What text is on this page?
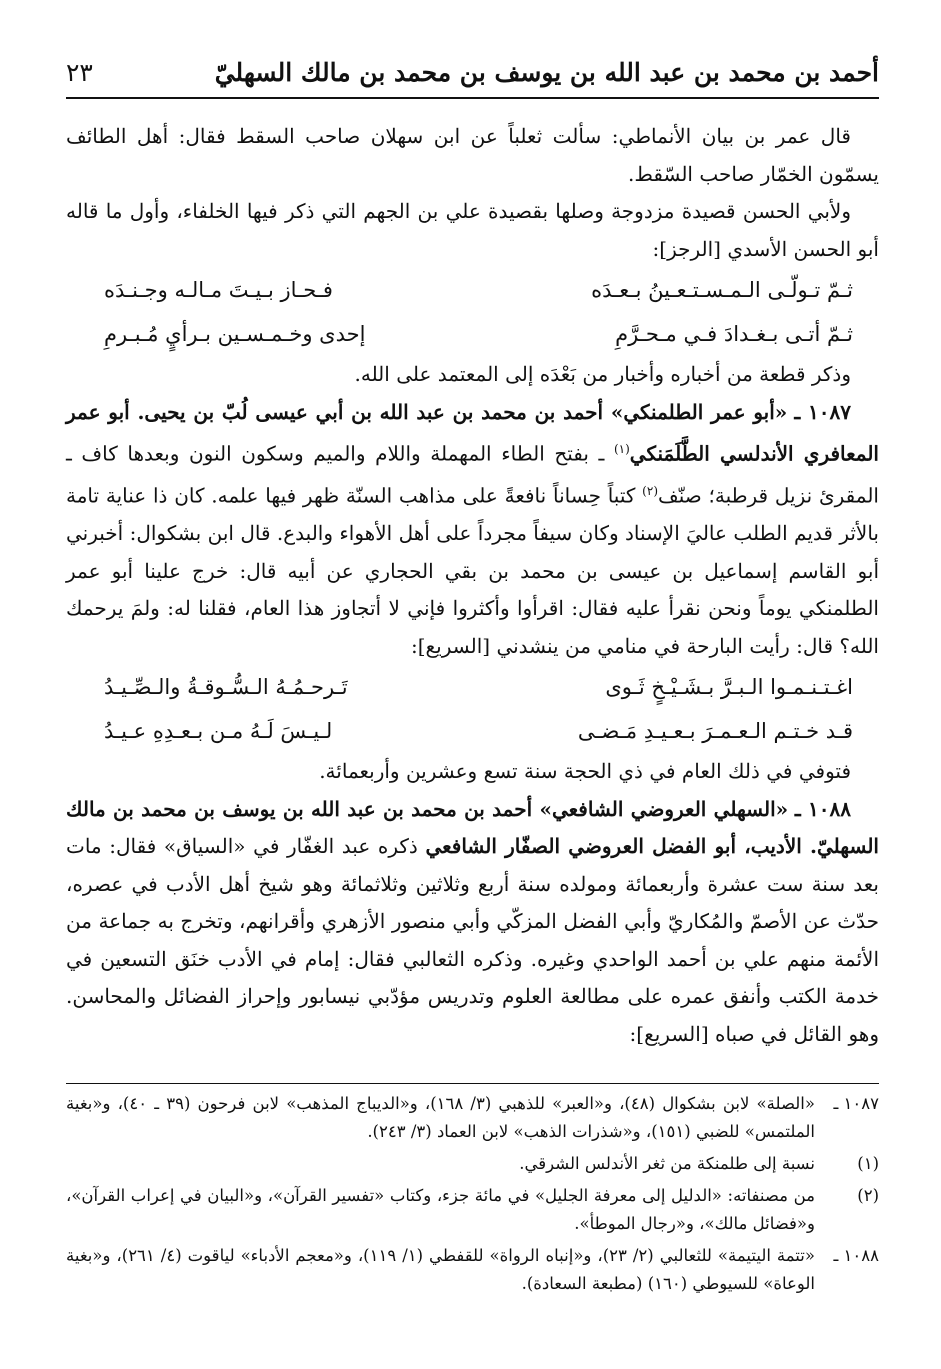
أحمد بن محمد بن عبد الله بن يوسف بن محمد بن مالك السهليّ
٢٣

قال عمر بن بيان الأنماطي: سألت ثعلباً عن ابن سهلان صاحب السقط فقال: أهل الطائف يسمّون الخمّار صاحب السّقط.

ولأبي الحسن قصيدة مزدوجة وصلها بقصيدة علي بن الجهم التي ذكر فيها الخلفاء، وأول ما قاله أبو الحسن الأسدي [الرجز]:

ثـمّ تـولّـى الـمـسـتـعـينُ بـعـدَه
فـحـاز بـيـتَ مـالـه وجـنـدَه
ثـمّ أتـى بـغـدادَ فـي مـحـرَّمِ
إحدى وخـمـسـين بـرأيٍ مُـبـرمِ

وذكر قطعة من أخباره وأخبار من بَعْدَه إلى المعتمد على الله.

١٠٨٧ ـ «أبو عمر الطلمنكي» أحمد بن محمد بن عبد الله بن أبي عيسى لُبّ بن يحيى. أبو عمر المعافري الأندلسي الطَّلَمَنكي$^{(١)}$ ـ بفتح الطاء المهملة واللام والميم وسكون النون وبعدها كاف ـ المقرئ نزيل قرطبة؛ صنّف$^{(٢)}$ كتباً حِساناً نافعةً على مذاهب السنّة ظهر فيها علمه. كان ذا عناية تامة بالأثر قديم الطلب عاليَ الإسناد وكان سيفاً مجرداً على أهل الأهواء والبدع. قال ابن بشكوال: أخبرني أبو القاسم إسماعيل بن عيسى بن محمد بن بقي الحجاري عن أبيه قال: خرج علينا أبو عمر الطلمنكي يوماً ونحن نقرأ عليه فقال: اقرأوا وأكثروا فإني لا أتجاوز هذا العام، فقلنا له: ولمَ يرحمك الله؟ قال: رأيت البارحة في منامي من ينشدني [السريع]:

اغـتـنـمـوا الـبـرَّ بـشَـيْـخٍ ثَـوى
تَـرحـمُـهُ الـسُّـوقـةُ والـصِّـيـدُ
قـد خـتـم الـعـمـرَ بـعـيـدِ مَـضـى
لـيـسَ لَـهُ مـن بـعـدِهِ عـيـدُ

فتوفي في ذلك العام في ذي الحجة سنة تسع وعشرين وأربعمائة.

١٠٨٨ ـ «السهلي العروضي الشافعي» أحمد بن محمد بن عبد الله بن يوسف بن محمد بن مالك السهليّ. الأديب، أبو الفضل العروضي الصفّار الشافعي ذكره عبد الغفّار في «السياق» فقال: مات بعد سنة ست عشرة وأربعمائة ومولده سنة أربع وثلاثين وثلاثمائة وهو شيخ أهل الأدب في عصره، حدّث عن الأصمّ والمُكاريّ وأبي الفضل المزكّي وأبي منصور الأزهري وأقرانهم، وتخرج به جماعة من الأئمة منهم علي بن أحمد الواحدي وغيره. وذكره الثعالبي فقال: إمام في الأدب خنَق التسعين في خدمة الكتب وأنفق عمره على مطالعة العلوم وتدريس مؤدّبي نيسابور وإحراز الفضائل والمحاسن. وهو القائل في صباه [السريع]:

١٠٨٧ ـ
«الصلة» لابن بشكوال (٤٨)، و«العبر» للذهبي (٣/ ١٦٨)، و«الديباج المذهب» لابن فرحون (٣٩ ـ ٤٠)، و«بغية الملتمس» للضبي (١٥١)، و«شذرات الذهب» لابن العماد (٣/ ٢٤٣).
(١)
نسبة إلى طلمنكة من ثغر الأندلس الشرقي.
(٢)
من مصنفاته: «الدليل إلى معرفة الجليل» في مائة جزء، وكتاب «تفسير القرآن»، و«البيان في إعراب القرآن»، و«فضائل مالك»، و«رجال الموطأ».
١٠٨٨ ـ
«تتمة اليتيمة» للثعالبي (٢/ ٢٣)، و«إنباه الرواة» للقفطي (١/ ١١٩)، و«معجم الأدباء» لياقوت (٤/ ٢٦١)، و«بغية الوعاة» للسيوطي (١٦٠) (مطبعة السعادة).
